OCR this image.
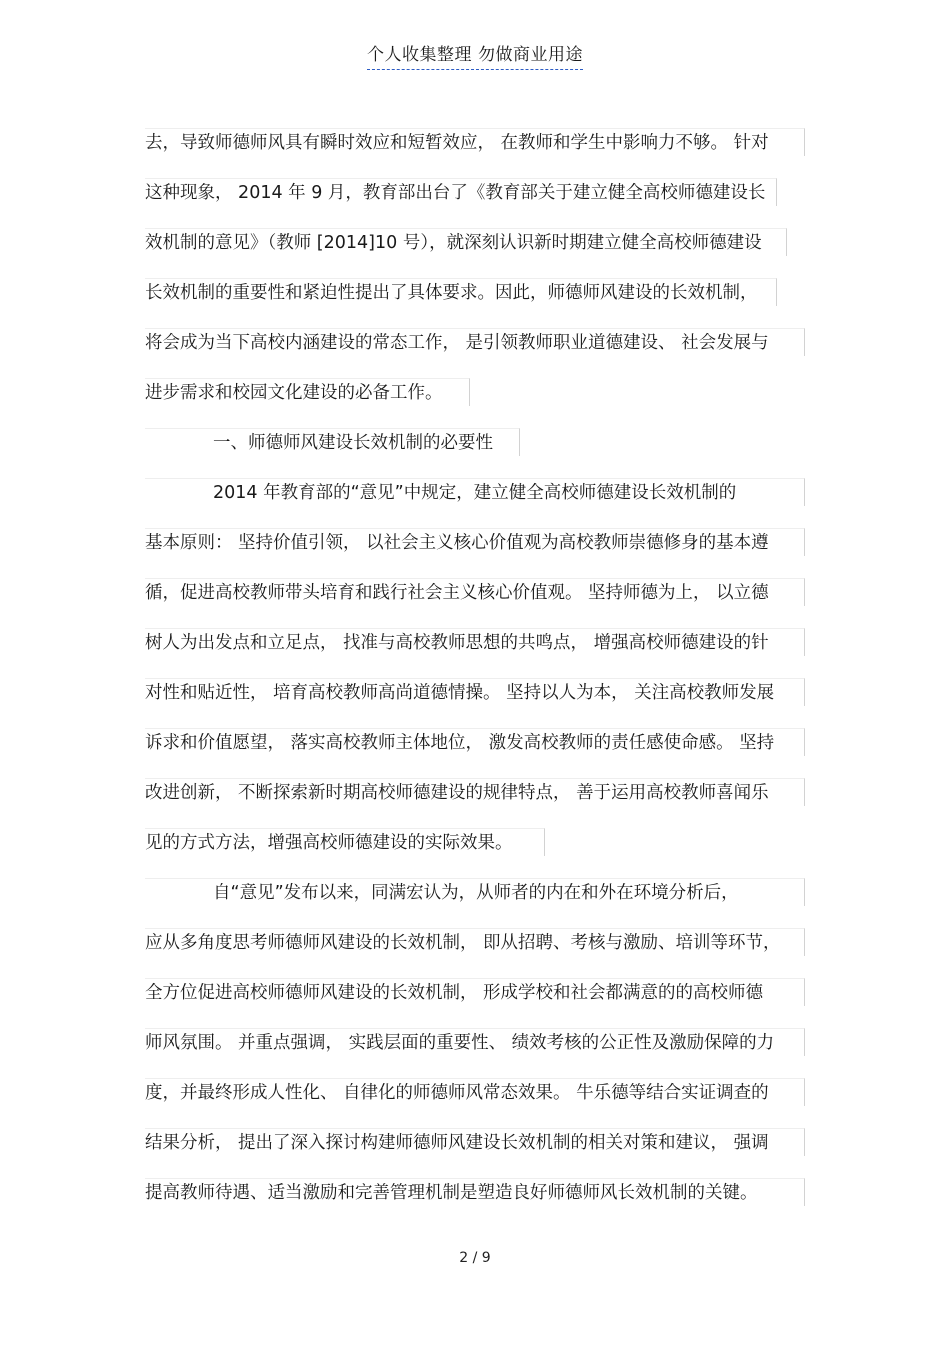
个人收集整理 勿做商业用途
去，导致师德师风具有瞬时效应和短暂效应， 在教师和学生中影响力不够。 针对
这种现象， 2014 年 9 月，教育部出台了《教育部关于建立健全高校师德建设长
效机制的意见》（教师 [2014]10 号），就深刻认识新时期建立健全高校师德建设
长效机制的重要性和紧迫性提出了具体要求。因此，师德师风建设的长效机制，
将会成为当下高校内涵建设的常态工作， 是引领教师职业道德建设、 社会发展与
进步需求和校园文化建设的必备工作。
一、师德师风建设长效机制的必要性
2014 年教育部的“意见”中规定，建立健全高校师德建设长效机制的
基本原则： 坚持价值引领， 以社会主义核心价值观为高校教师崇德修身的基本遵
循，促进高校教师带头培育和践行社会主义核心价值观。 坚持师德为上， 以立德
树人为出发点和立足点， 找准与高校教师思想的共鸣点， 增强高校师德建设的针
对性和贴近性， 培育高校教师高尚道德情操。 坚持以人为本， 关注高校教师发展
诉求和价值愿望， 落实高校教师主体地位， 激发高校教师的责任感使命感。 坚持
改进创新， 不断探索新时期高校师德建设的规律特点， 善于运用高校教师喜闻乐
见的方式方法，增强高校师德建设的实际效果。
自“意见”发布以来，同满宏认为，从师者的内在和外在环境分析后，
应从多角度思考师德师风建设的长效机制， 即从招聘、考核与激励、培训等环节，
全方位促进高校师德师风建设的长效机制， 形成学校和社会都满意的的高校师德
师风氛围。 并重点强调， 实践层面的重要性、 绩效考核的公正性及激励保障的力
度，并最终形成人性化、 自律化的师德师风常态效果。 牛乐德等结合实证调查的
结果分析， 提出了深入探讨构建师德师风建设长效机制的相关对策和建议， 强调
提高教师待遇、适当激励和完善管理机制是塑造良好师德师风长效机制的关键。
2 / 9
